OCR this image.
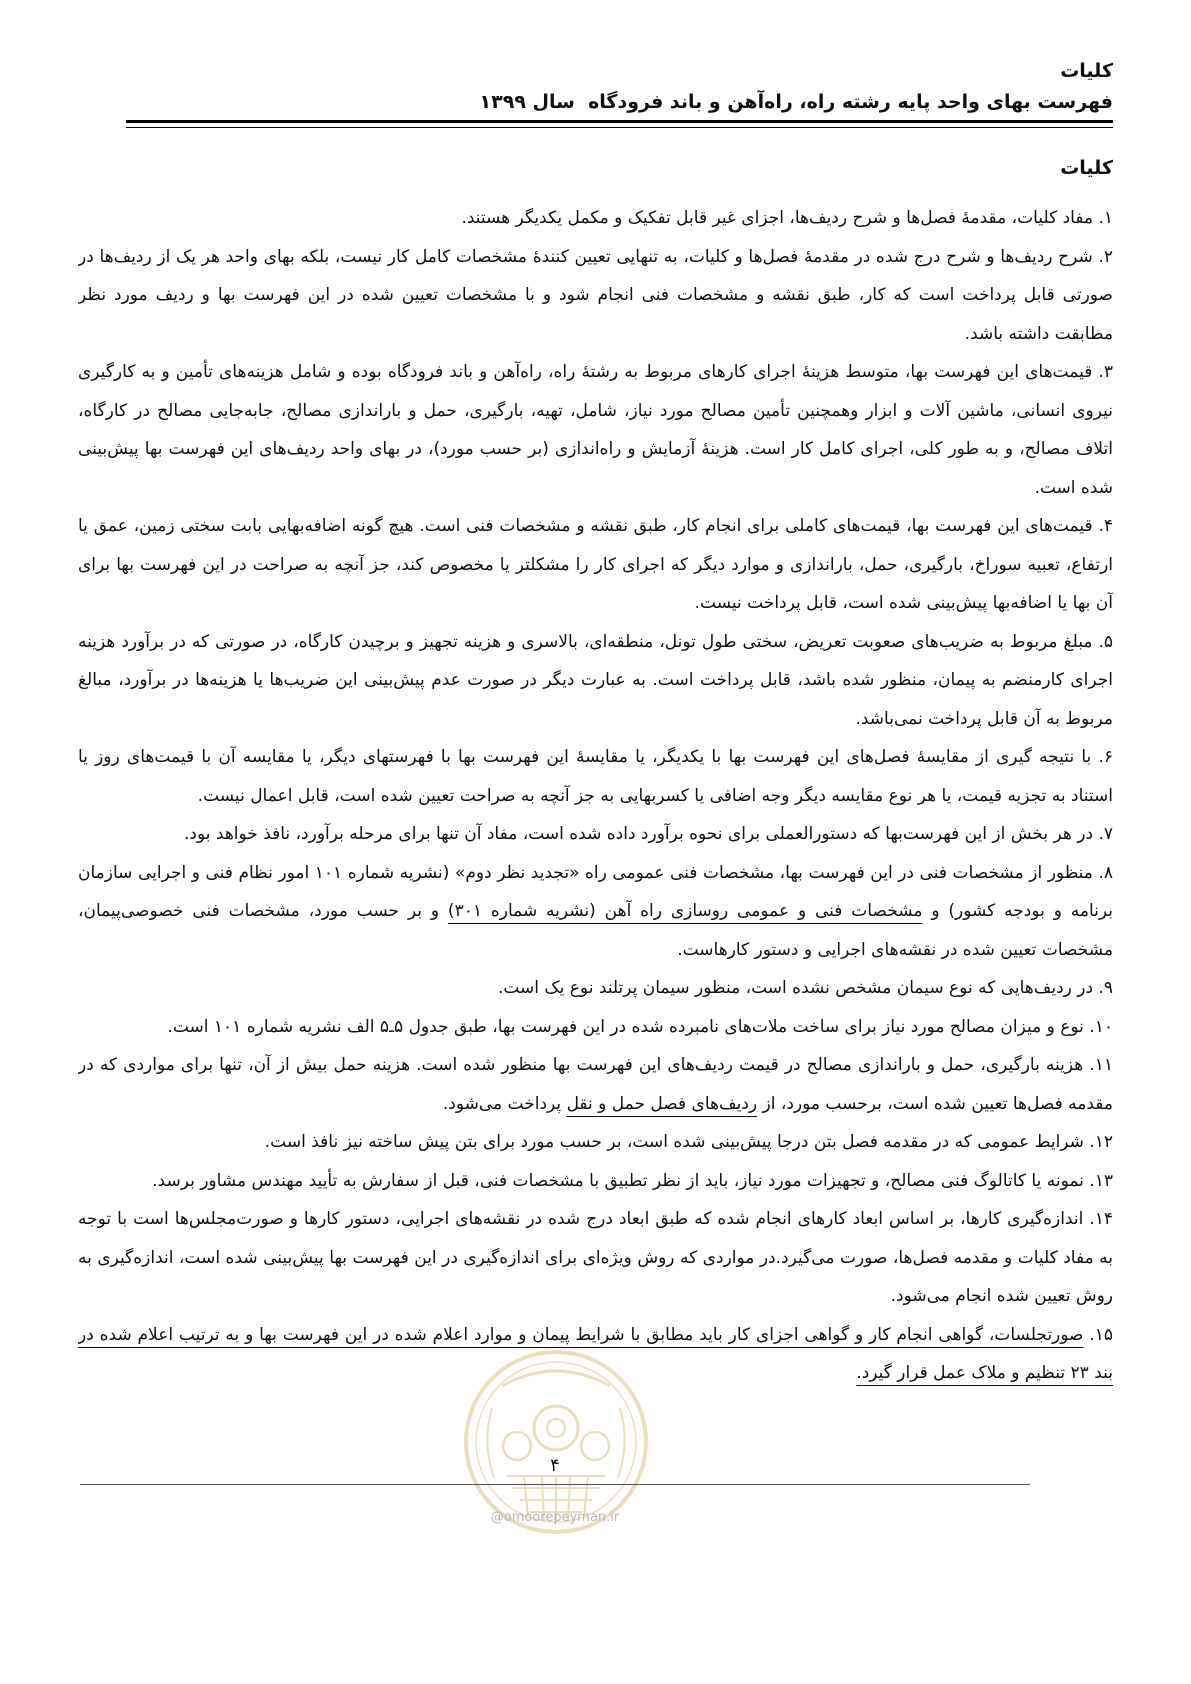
کلیات
فهرست بهای واحد پایه رشته راه، راه‌آهن و باند فرودگاه  سال ۱۳۹۹
کلیات

۱. مفاد کلیات، مقدمهٔ فصل‌ها و شرح ردیف‌ها، اجزای غیر قابل تفکیک و مکمل یکدیگر هستند.

۲. شرح ردیف‌ها و شرح درج شده در مقدمهٔ فصل‌ها و کلیات، به تنهایی تعیین کنندهٔ مشخصات کامل کار نیست، بلکه بهای واحد هر یک از ردیف‌ها در صورتی قابل پرداخت است که کار، طبق نقشه و مشخصات فنی انجام شود و با مشخصات تعیین شده در این فهرست بها و ردیف مورد نظر مطابقت داشته باشد.

۳. قیمت‌های این فهرست بها، متوسط هزینهٔ اجرای کارهای مربوط به رشتهٔ راه، راه‌آهن و باند فرودگاه بوده و شامل هزینه‌های تأمین و به کارگیری نیروی انسانی، ماشین آلات و ابزار وهمچنین تأمین مصالح مورد نیاز، شامل، تهیه، بارگیری، حمل و باراندازی مصالح، جابه‌جایی مصالح در کارگاه، اتلاف مصالح، و به طور کلی، اجرای کامل کار است. هزینهٔ آزمایش و راه‌اندازی (بر حسب مورد)، در بهای واحد ردیف‌های این فهرست بها پیش‌بینی شده است.

۴. قیمت‌های این فهرست بها، قیمت‌های کاملی برای انجام کار، طبق نقشه و مشخصات فنی است. هیچ گونه اضافه‌بهایی بابت سختی زمین، عمق یا ارتفاع، تعبیه سوراخ، بارگیری، حمل، باراندازی و موارد دیگر که اجرای کار را مشکلتر یا مخصوص کند، جز آنچه به صراحت در این فهرست بها برای آن بها یا اضافه‌بها پیش‌بینی شده است، قابل پرداخت نیست.

۵. مبلغ مربوط به ضریب‌های صعوبت تعریض، سختی طول تونل، منطقه‌ای، بالاسری و هزینه تجهیز و برچیدن کارگاه، در صورتی که در برآورد هزینه اجرای کارمنضم به پیمان، منظور شده باشد، قابل پرداخت است. به عبارت دیگر در صورت عدم پیش‌بینی این ضریب‌ها یا هزینه‌ها در برآورد، مبالغ مربوط به آن قابل پرداخت نمی‌باشد.

۶. با نتیجه گیری از مقایسهٔ فصل‌های این فهرست بها با یکدیگر، یا مقایسهٔ این فهرست بها با فهرستهای دیگر، یا مقایسه آن با قیمت‌های روز یا استناد به تجزیه قیمت، یا هر نوع مقایسه دیگر وجه اضافی یا کسربهایی به جز آنچه به صراحت تعیین شده است، قابل اعمال نیست.

۷. در هر بخش از این فهرست‌بها که دستورالعملی برای نحوه برآورد داده شده است، مفاد آن تنها برای مرحله برآورد، نافذ خواهد بود.

۸. منظور از مشخصات فنی در این فهرست بها، مشخصات فنی عمومی راه «تجدید نظر دوم» (نشریه شماره ۱۰۱ امور نظام فنی و اجرایی سازمان برنامه و بودجه کشور) و مشخصات فنی و عمومی روسازی راه آهن (نشریه شماره ۳۰۱) و بر حسب مورد، مشخصات فنی خصوصی‌پیمان، مشخصات تعیین شده در نقشه‌های اجرایی و دستور کارهاست.

۹. در ردیف‌هایی که نوع سیمان مشخص نشده است، منظور سیمان پرتلند نوع یک است.

۱۰. نوع و میزان مصالح مورد نیاز برای ساخت ملات‌های نامبرده شده در این فهرست بها، طبق جدول ۵ـ۵ الف نشریه شماره ۱۰۱ است.

۱۱. هزینه بارگیری، حمل و باراندازی مصالح در قیمت ردیف‌های این فهرست بها منظور شده است. هزینه حمل بیش از آن، تنها برای مواردی که در مقدمه فصل‌ها تعیین شده است، برحسب مورد، از ردیف‌های فصل حمل و نقل پرداخت می‌شود.

۱۲. شرایط عمومی که در مقدمه فصل بتن درجا پیش‌بینی شده است، بر حسب مورد برای بتن پیش ساخته نیز نافذ است.

۱۳. نمونه یا کاتالوگ فنی مصالح، و تجهیزات مورد نیاز، باید از نظر تطبیق با مشخصات فنی، قبل از سفارش به تأیید مهندس مشاور برسد.

۱۴. اندازه‌گیری کارها، بر اساس ابعاد کارهای انجام شده که طبق ابعاد درج شده در نقشه‌های اجرایی، دستور کارها و صورت‌مجلس‌ها است با توجه به مفاد کلیات و مقدمه فصل‌ها، صورت می‌گیرد.در مواردی که روش ویژه‌ای برای اندازه‌گیری در این فهرست بها پیش‌بینی شده است، اندازه‌گیری به روش تعیین شده انجام می‌شود.

۱۵. صورتجلسات، گواهی انجام کار و گواهی اجزای کار باید مطابق با شرایط پیمان و موارد اعلام شده در این فهرست بها و به ترتیب اعلام شده در بند ۲۳ تنظیم و ملاک عمل قرار گیرد.

۴
@omoorepeyman.ir
